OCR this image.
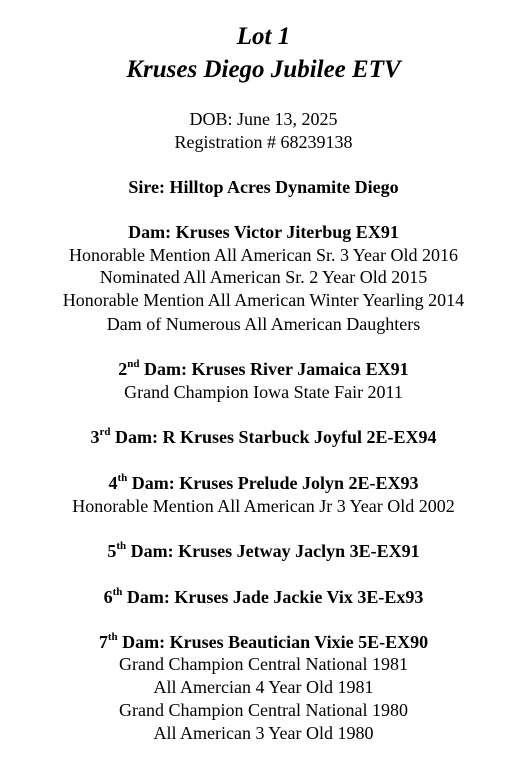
Lot 1
Kruses Diego Jubilee ETV
DOB: June 13, 2025
Registration # 68239138
Sire: Hilltop Acres Dynamite Diego
Dam: Kruses Victor Jiterbug EX91
Honorable Mention All American Sr. 3 Year Old 2016
Nominated All American Sr. 2 Year Old 2015
Honorable Mention All American Winter Yearling 2014
Dam of Numerous All American Daughters
2nd Dam: Kruses River Jamaica EX91
Grand Champion Iowa State Fair 2011
3rd Dam: R Kruses Starbuck Joyful 2E-EX94
4th Dam: Kruses Prelude Jolyn 2E-EX93
Honorable Mention All American Jr 3 Year Old 2002
5th Dam: Kruses Jetway Jaclyn 3E-EX91
6th Dam: Kruses Jade Jackie Vix 3E-Ex93
7th Dam: Kruses Beautician Vixie 5E-EX90
Grand Champion Central National 1981
All Amercian 4 Year Old 1981
Grand Champion Central National 1980
All American 3 Year Old 1980
